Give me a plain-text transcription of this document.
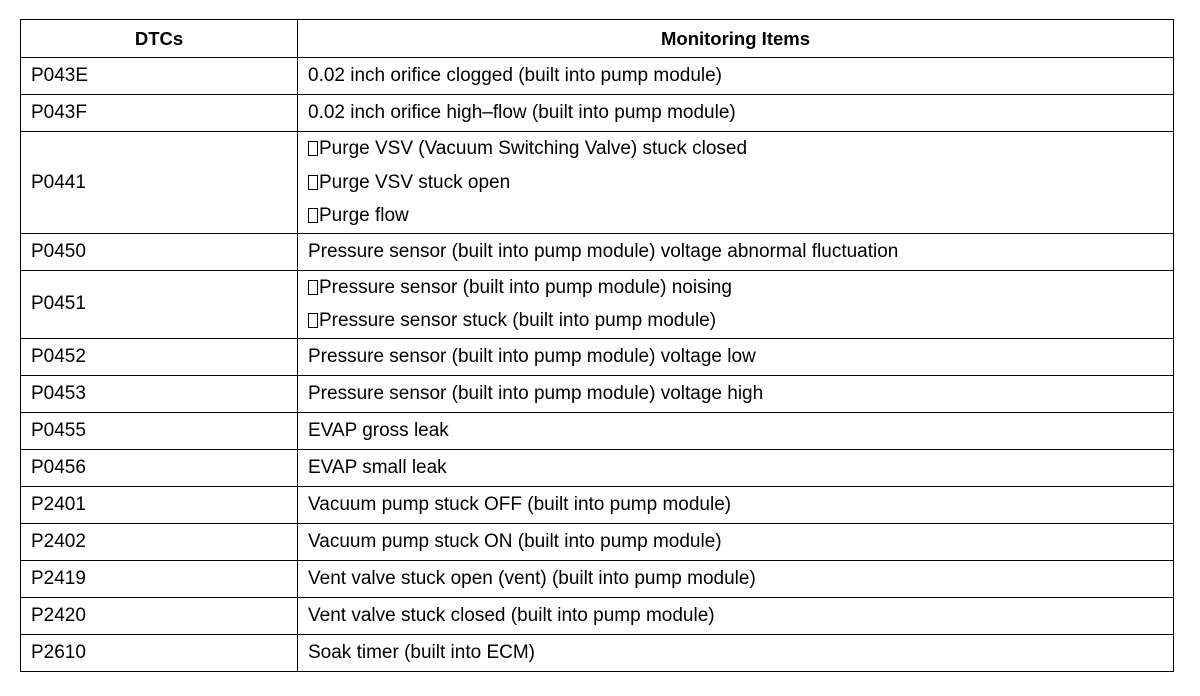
DTCs	Monitoring Items
P043E	0.02 inch orifice clogged (built into pump module)

P043F	0.02 inch orifice high–flow (built into pump module)

P0441	Purge VSV (Vacuum Switching Valve) stuck closed
Purge VSV stuck open
Purge flow

P0450	Pressure sensor (built into pump module) voltage abnormal fluctuation

P0451	Pressure sensor (built into pump module) noising
Pressure sensor stuck (built into pump module)

P0452	Pressure sensor (built into pump module) voltage low

P0453	Pressure sensor (built into pump module) voltage high

P0455	EVAP gross leak

P0456	EVAP small leak

P2401	Vacuum pump stuck OFF (built into pump module)

P2402	Vacuum pump stuck ON (built into pump module)

P2419	Vent valve stuck open (vent) (built into pump module)

P2420	Vent valve stuck closed (built into pump module)

P2610	Soak timer (built into ECM)
